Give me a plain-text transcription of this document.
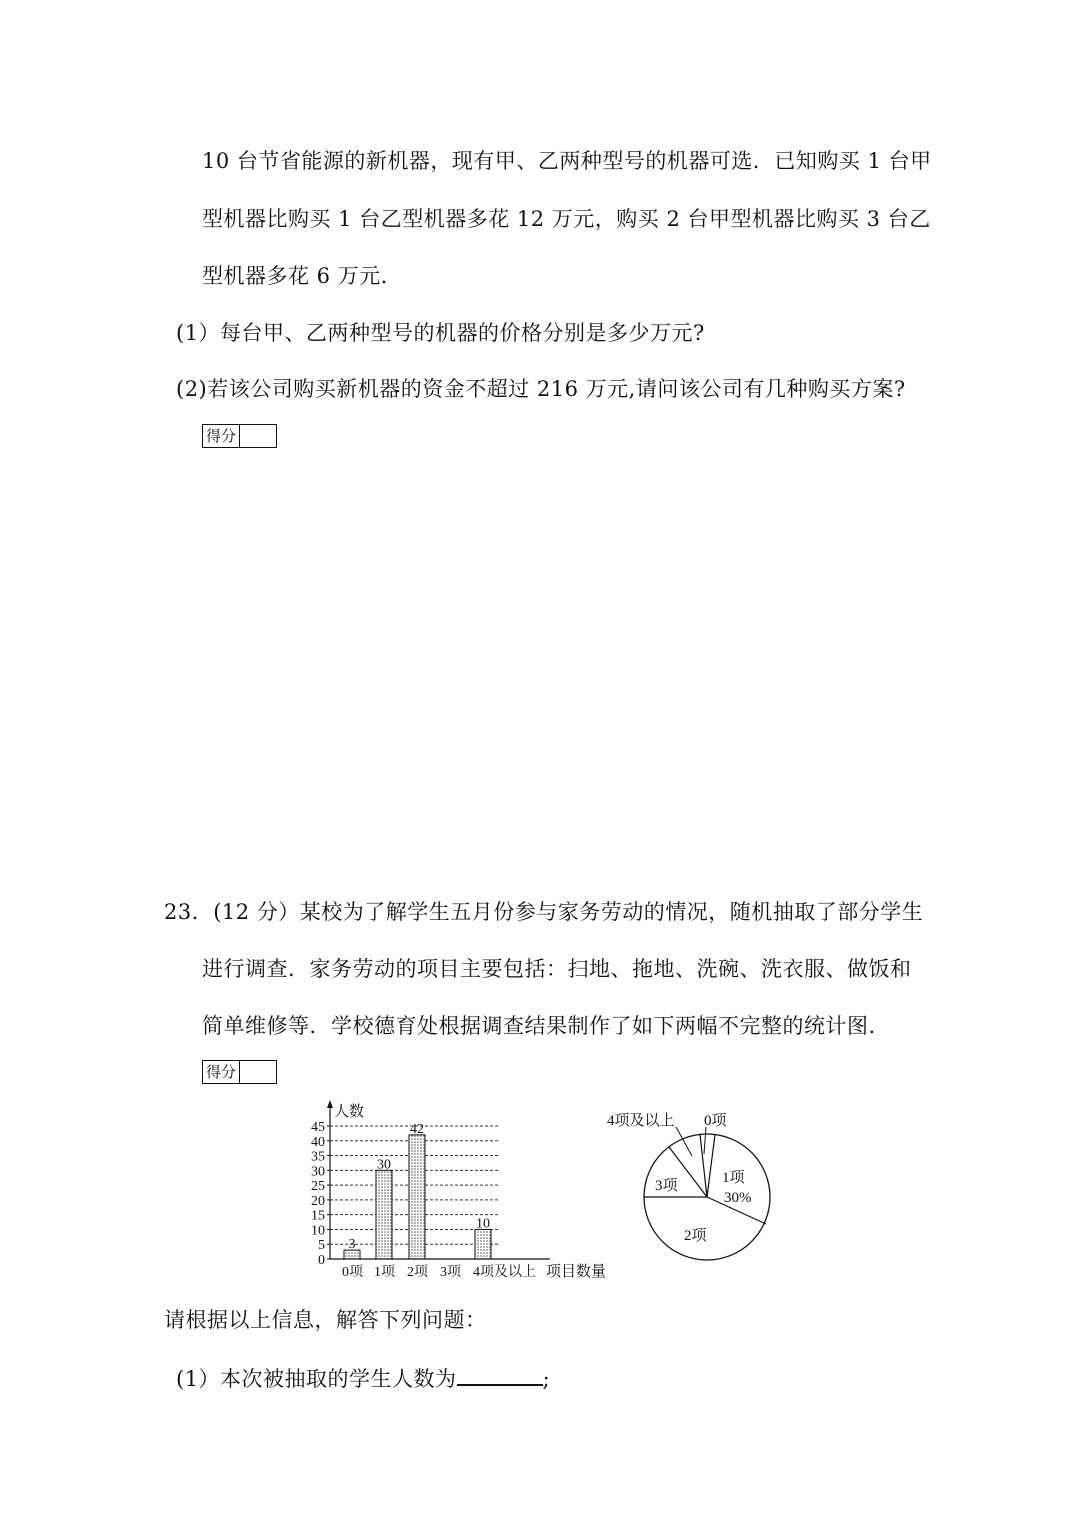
10 台节省能源的新机器，现有甲、乙两种型号的机器可选．已知购买 1 台甲
型机器比购买 1 台乙型机器多花 12 万元，购买 2 台甲型机器比购买 3 台乙
型机器多花 6 万元．
(1）每台甲、乙两种型号的机器的价格分别是多少万元?
(2)若该公司购买新机器的资金不超过 216 万元,请问该公司有几种购买方案?
得分
23．(12 分）某校为了解学生五月份参与家务劳动的情况，随机抽取了部分学生
进行调查．家务劳动的项目主要包括：扫地、拖地、洗碗、洗衣服、做饭和
简单维修等．学校德育处根据调查结果制作了如下两幅不完整的统计图.
得分
0
5
10
15
20
25
30
35
40
45
3
0项
30
1项
42
2项 3项
10
4项及以上
人数
项目数量
0项
4项及以上
1项
30%
2项
3项
请根据以上信息，解答下列问题：
(1）本次被抽取的学生人数为	;
